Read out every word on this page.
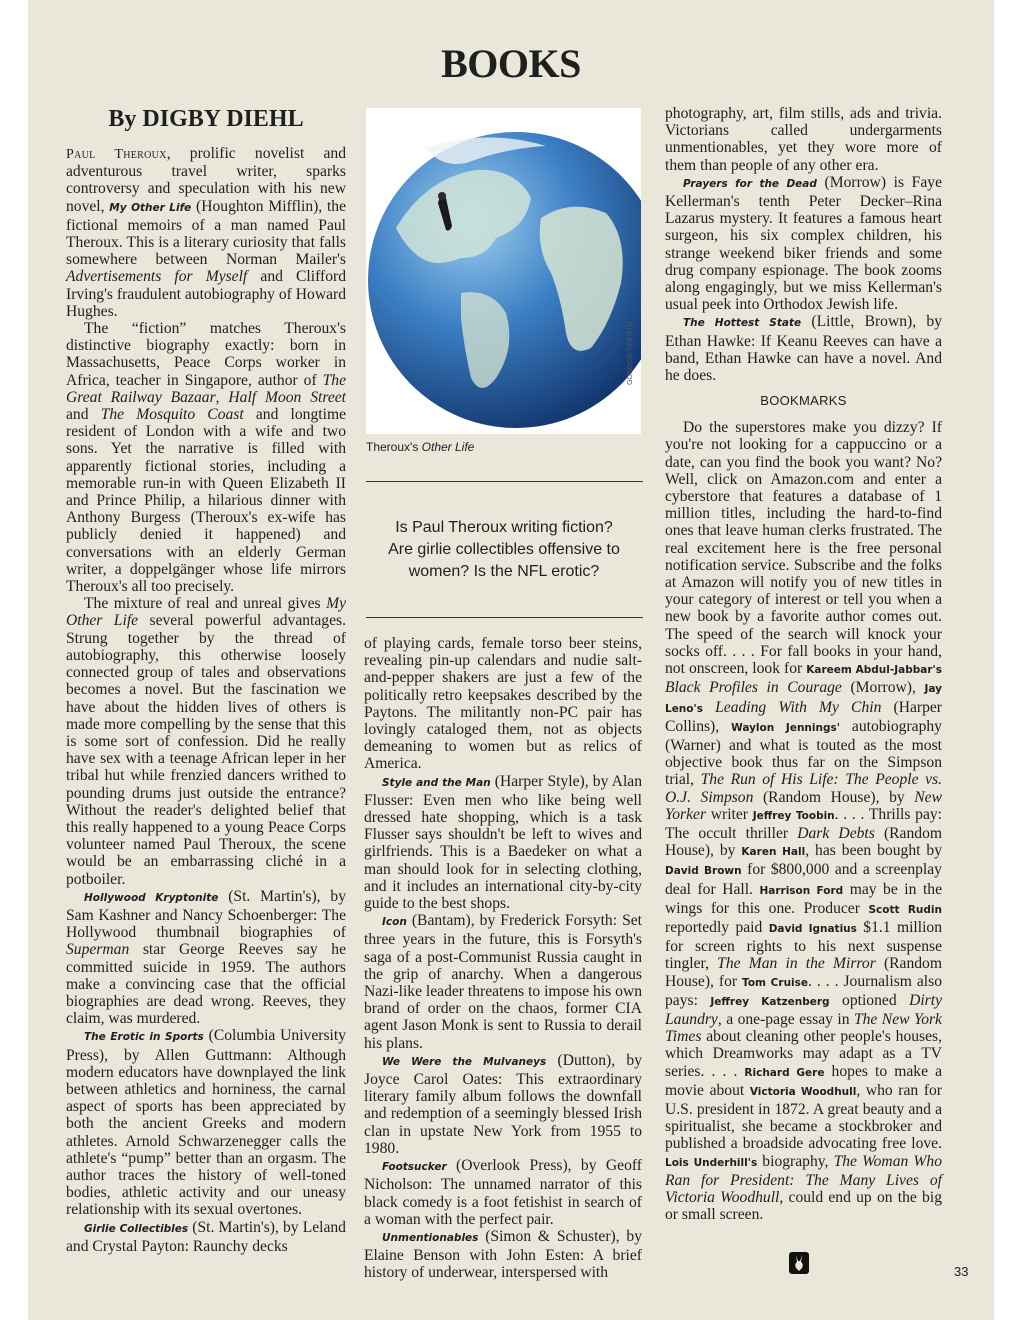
BOOKS
By DIGBY DIEHL

Paul Theroux, prolific novelist and adventurous travel writer, sparks controversy and speculation with his new novel, My Other Life (Houghton Mifflin), the fictional memoirs of a man named Paul Theroux. This is a literary curiosity that falls somewhere between Norman Mailer's Advertisements for Myself and Clifford Irving's fraudulent autobiography of Howard Hughes.

The “fiction” matches Theroux's distinctive biography exactly: born in Massachusetts, Peace Corps worker in Africa, teacher in Singapore, author of The Great Railway Bazaar, Half Moon Street and The Mosquito Coast and longtime resident of London with a wife and two sons. Yet the narrative is filled with apparently fictional stories, including a memorable run-in with Queen Elizabeth II and Prince Philip, a hilarious dinner with Anthony Burgess (Theroux's ex-wife has publicly denied it happened) and conversations with an elderly German writer, a doppelgänger whose life mirrors Theroux's all too precisely.

The mixture of real and unreal gives My Other Life several powerful advantages. Strung together by the thread of autobiography, this otherwise loosely connected group of tales and observations becomes a novel. But the fascination we have about the hidden lives of others is made more compelling by the sense that this is some sort of confession. Did he really have sex with a teenage African leper in her tribal hut while frenzied dancers writhed to pounding drums just outside the entrance? Without the reader's delighted belief that this really happened to a young Peace Corps volunteer named Paul Theroux, the scene would be an embarrassing cliché in a potboiler.

Hollywood Kryptonite (St. Martin's), by Sam Kashner and Nancy Schoenberger: The Hollywood thumbnail biographies of Superman star George Reeves say he committed suicide in 1959. The authors make a convincing case that the official biographies are dead wrong. Reeves, they claim, was murdered.

The Erotic in Sports (Columbia University Press), by Allen Guttmann: Although modern educators have downplayed the link between athletics and horniness, the carnal aspect of sports has been appreciated by both the ancient Greeks and modern athletes. Arnold Schwarzenegger calls the athlete's “pump” better than an orgasm. The author traces the history of well-toned bodies, athletic activity and our uneasy relationship with its sexual overtones.

Girlie Collectibles (St. Martin's), by Leland and Crystal Payton: Raunchy decks

GORDON ORENTH
Theroux's Other Life
Is Paul Theroux writing fiction? Are girlie collectibles offensive to women? Is the NFL erotic?

of playing cards, female torso beer steins, revealing pin-up calendars and nudie salt-and-pepper shakers are just a few of the politically retro keepsakes described by the Paytons. The militantly non-PC pair has lovingly cataloged them, not as objects demeaning to women but as relics of America.

Style and the Man (Harper Style), by Alan Flusser: Even men who like being well dressed hate shopping, which is a task Flusser says shouldn't be left to wives and girlfriends. This is a Baedeker on what a man should look for in selecting clothing, and it includes an international city-by-city guide to the best shops.

Icon (Bantam), by Frederick Forsyth: Set three years in the future, this is Forsyth's saga of a post-Communist Russia caught in the grip of anarchy. When a dangerous Nazi-like leader threatens to impose his own brand of order on the chaos, former CIA agent Jason Monk is sent to Russia to derail his plans.

We Were the Mulvaneys (Dutton), by Joyce Carol Oates: This extraordinary literary family album follows the downfall and redemption of a seemingly blessed Irish clan in upstate New York from 1955 to 1980.

Footsucker (Overlook Press), by Geoff Nicholson: The unnamed narrator of this black comedy is a foot fetishist in search of a woman with the perfect pair.

Unmentionables (Simon & Schuster), by Elaine Benson with John Esten: A brief history of underwear, interspersed with

photography, art, film stills, ads and trivia. Victorians called undergarments unmentionables, yet they wore more of them than people of any other era.

Prayers for the Dead (Morrow) is Faye Kellerman's tenth Peter Decker–Rina Lazarus mystery. It features a famous heart surgeon, his six complex children, his strange weekend biker friends and some drug company espionage. The book zooms along engagingly, but we miss Kellerman's usual peek into Orthodox Jewish life.

The Hottest State (Little, Brown), by Ethan Hawke: If Keanu Reeves can have a band, Ethan Hawke can have a novel. And he does.

BOOKMARKS

Do the superstores make you dizzy? If you're not looking for a cappuccino or a date, can you find the book you want? No? Well, click on Amazon.com and enter a cyberstore that features a database of 1 million titles, including the hard-to-find ones that leave human clerks frustrated. The real excitement here is the free personal notification service. Subscribe and the folks at Amazon will notify you of new titles in your category of interest or tell you when a new book by a favorite author comes out. The speed of the search will knock your socks off. . . . For fall books in your hand, not onscreen, look for Kareem Abdul-Jabbar's Black Profiles in Courage (Morrow), Jay Leno's Leading With My Chin (Harper Collins), Waylon Jennings' autobiography (Warner) and what is touted as the most objective book thus far on the Simpson trial, The Run of His Life: The People vs. O.J. Simpson (Random House), by New Yorker writer Jeffrey Toobin. . . . Thrills pay: The occult thriller Dark Debts (Random House), by Karen Hall, has been bought by David Brown for $800,000 and a screenplay deal for Hall. Harrison Ford may be in the wings for this one. Producer Scott Rudin reportedly paid David Ignatius $1.1 million for screen rights to his next suspense tingler, The Man in the Mirror (Random House), for Tom Cruise. . . . Journalism also pays: Jeffrey Katzenberg optioned Dirty Laundry, a one-page essay in The New York Times about cleaning other people's houses, which Dreamworks may adapt as a TV series. . . . Richard Gere hopes to make a movie about Victoria Woodhull, who ran for U.S. president in 1872. A great beauty and a spiritualist, she became a stockbroker and published a broadside advocating free love. Lois Underhill's biography, The Woman Who Ran for President: The Many Lives of Victoria Woodhull, could end up on the big or small screen.

33
